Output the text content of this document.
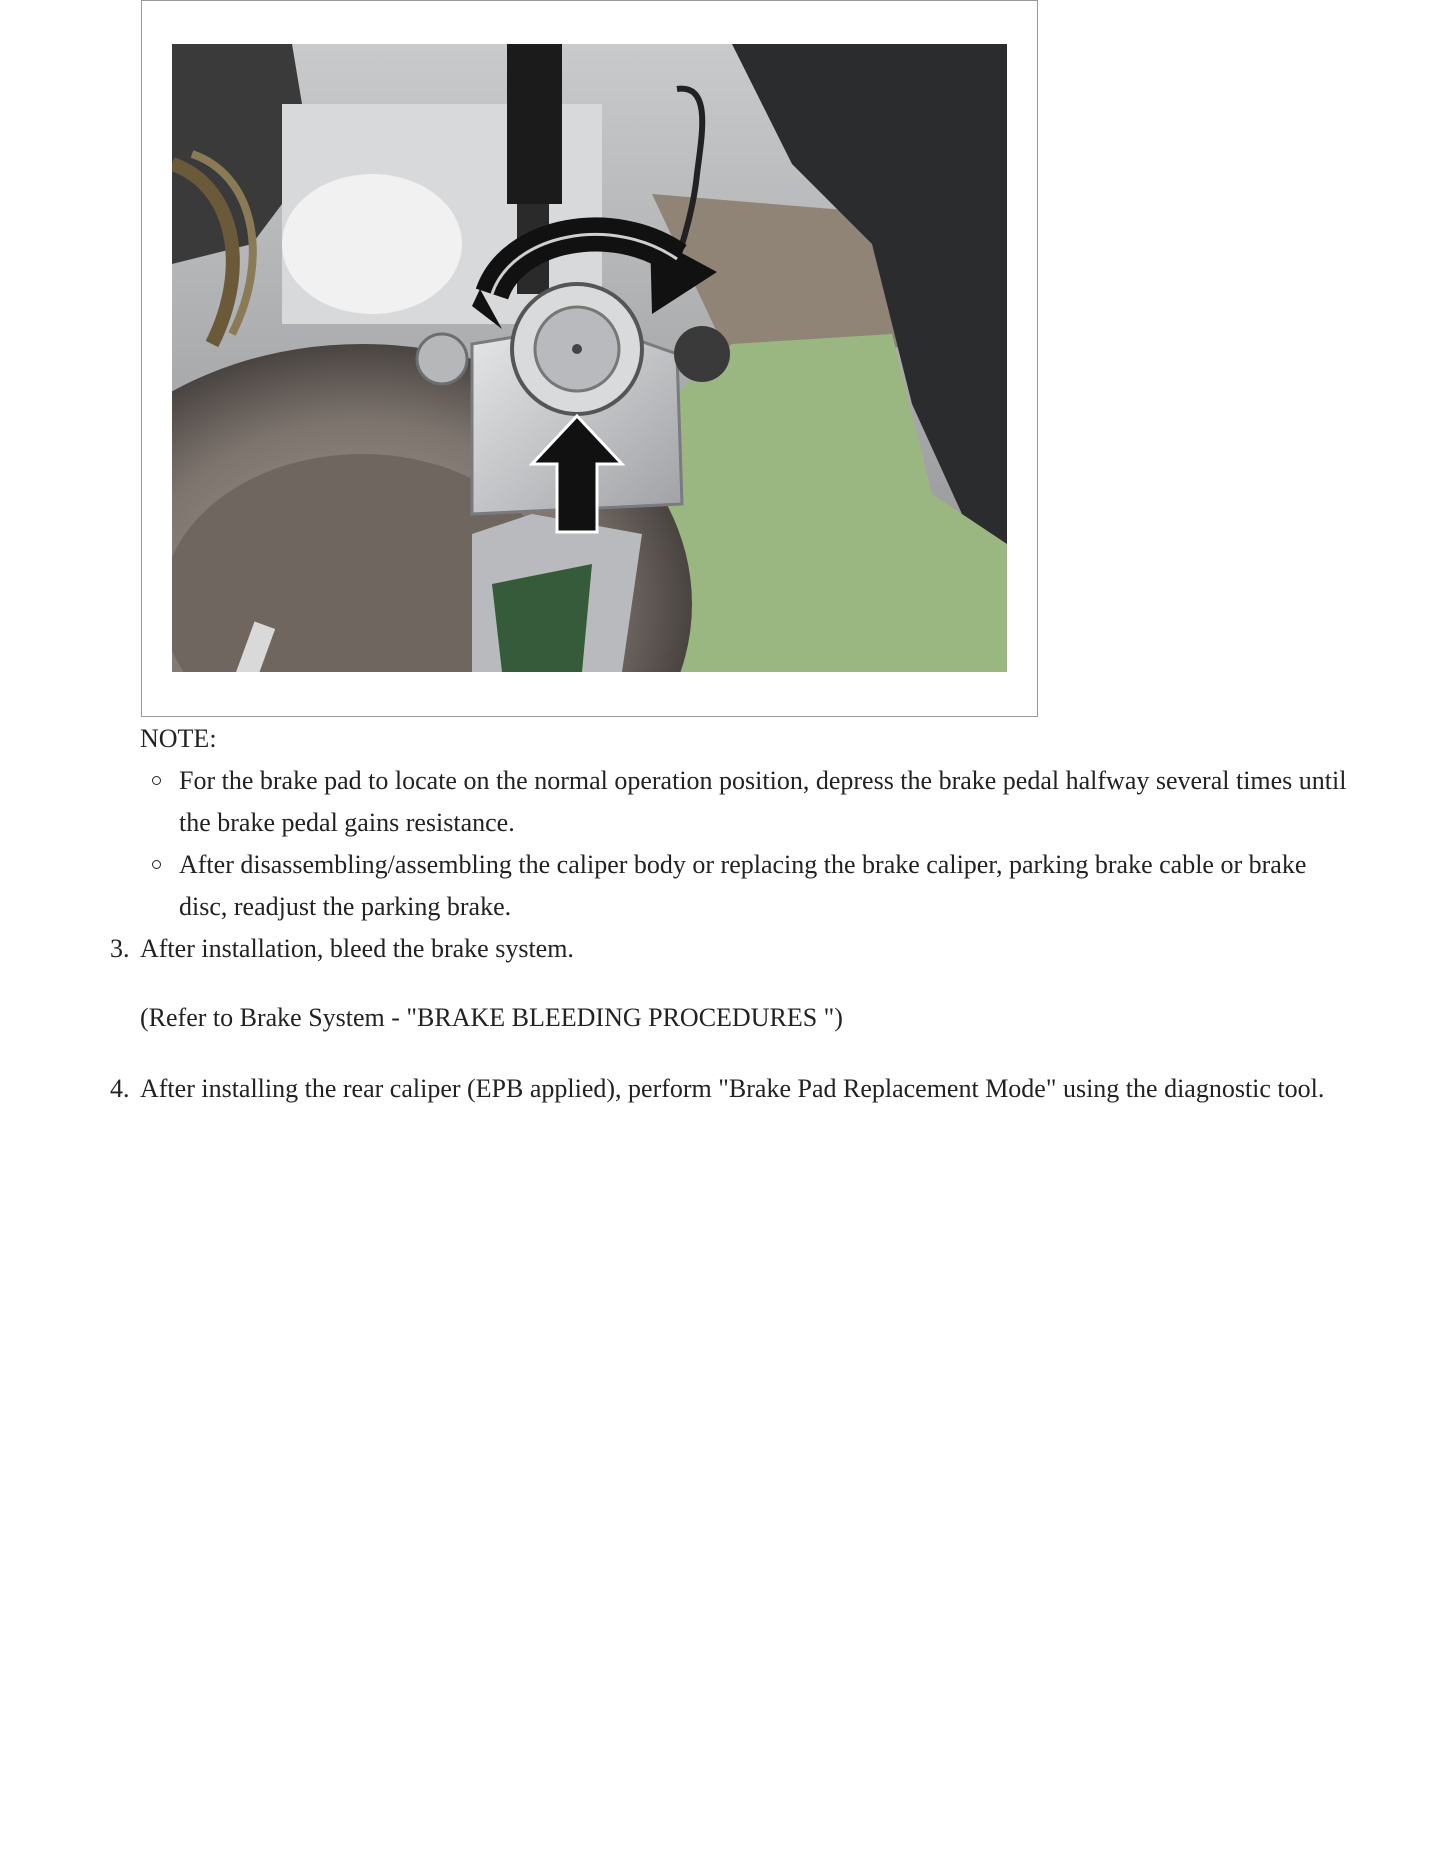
NOTE:
For the brake pad to locate on the normal operation position, depress the brake pedal halfway several times until the brake pedal gains resistance.
After disassembling/assembling the caliper body or replacing the brake caliper, parking brake cable or brake disc, readjust the parking brake.
3. After installation, bleed the brake system.
(Refer to Brake System - "BRAKE BLEEDING PROCEDURES ")
4. After installing the rear caliper (EPB applied), perform "Brake Pad Replacement Mode" using the diagnostic tool.
